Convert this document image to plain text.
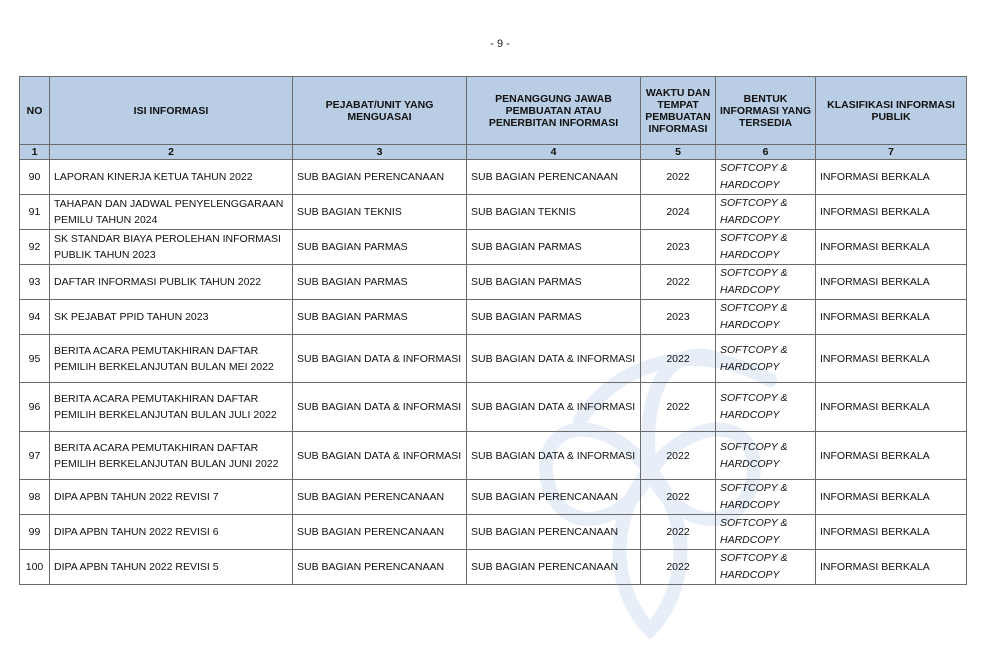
- 9 -
NO	ISI INFORMASI	PEJABAT/UNIT YANG MENGUASAI	PENANGGUNG JAWAB PEMBUATAN ATAU PENERBITAN INFORMASI	WAKTU DAN TEMPAT PEMBUATAN INFORMASI	BENTUK INFORMASI YANG TERSEDIA	KLASIFIKASI INFORMASI PUBLIK
1	2	3	4	5	6	7
90	LAPORAN KINERJA KETUA TAHUN 2022	SUB BAGIAN PERENCANAAN	SUB BAGIAN PERENCANAAN	2022	SOFTCOPY &
HARDCOPY	INFORMASI BERKALA
91	TAHAPAN DAN JADWAL PENYELENGGARAAN PEMILU TAHUN 2024	SUB BAGIAN TEKNIS	SUB BAGIAN TEKNIS	2024	SOFTCOPY &
HARDCOPY	INFORMASI BERKALA
92	SK STANDAR BIAYA PEROLEHAN INFORMASI PUBLIK TAHUN 2023	SUB BAGIAN PARMAS	SUB BAGIAN PARMAS	2023	SOFTCOPY &
HARDCOPY	INFORMASI BERKALA
93	DAFTAR INFORMASI PUBLIK TAHUN 2022	SUB BAGIAN PARMAS	SUB BAGIAN PARMAS	2022	SOFTCOPY &
HARDCOPY	INFORMASI BERKALA
94	SK PEJABAT PPID TAHUN 2023	SUB BAGIAN PARMAS	SUB BAGIAN PARMAS	2023	SOFTCOPY &
HARDCOPY	INFORMASI BERKALA
95	BERITA ACARA PEMUTAKHIRAN DAFTAR PEMILIH BERKELANJUTAN BULAN MEI 2022	SUB BAGIAN DATA & INFORMASI	SUB BAGIAN DATA & INFORMASI	2022	SOFTCOPY &
HARDCOPY	INFORMASI BERKALA
96	BERITA ACARA PEMUTAKHIRAN DAFTAR PEMILIH BERKELANJUTAN BULAN JULI 2022	SUB BAGIAN DATA & INFORMASI	SUB BAGIAN DATA & INFORMASI	2022	SOFTCOPY &
HARDCOPY	INFORMASI BERKALA
97	BERITA ACARA PEMUTAKHIRAN DAFTAR PEMILIH BERKELANJUTAN BULAN JUNI 2022	SUB BAGIAN DATA & INFORMASI	SUB BAGIAN DATA & INFORMASI	2022	SOFTCOPY &
HARDCOPY	INFORMASI BERKALA
98	DIPA APBN TAHUN 2022 REVISI 7	SUB BAGIAN PERENCANAAN	SUB BAGIAN PERENCANAAN	2022	SOFTCOPY &
HARDCOPY	INFORMASI BERKALA
99	DIPA APBN TAHUN 2022 REVISI 6	SUB BAGIAN PERENCANAAN	SUB BAGIAN PERENCANAAN	2022	SOFTCOPY &
HARDCOPY	INFORMASI BERKALA
100	DIPA APBN TAHUN 2022 REVISI 5	SUB BAGIAN PERENCANAAN	SUB BAGIAN PERENCANAAN	2022	SOFTCOPY &
HARDCOPY	INFORMASI BERKALA
